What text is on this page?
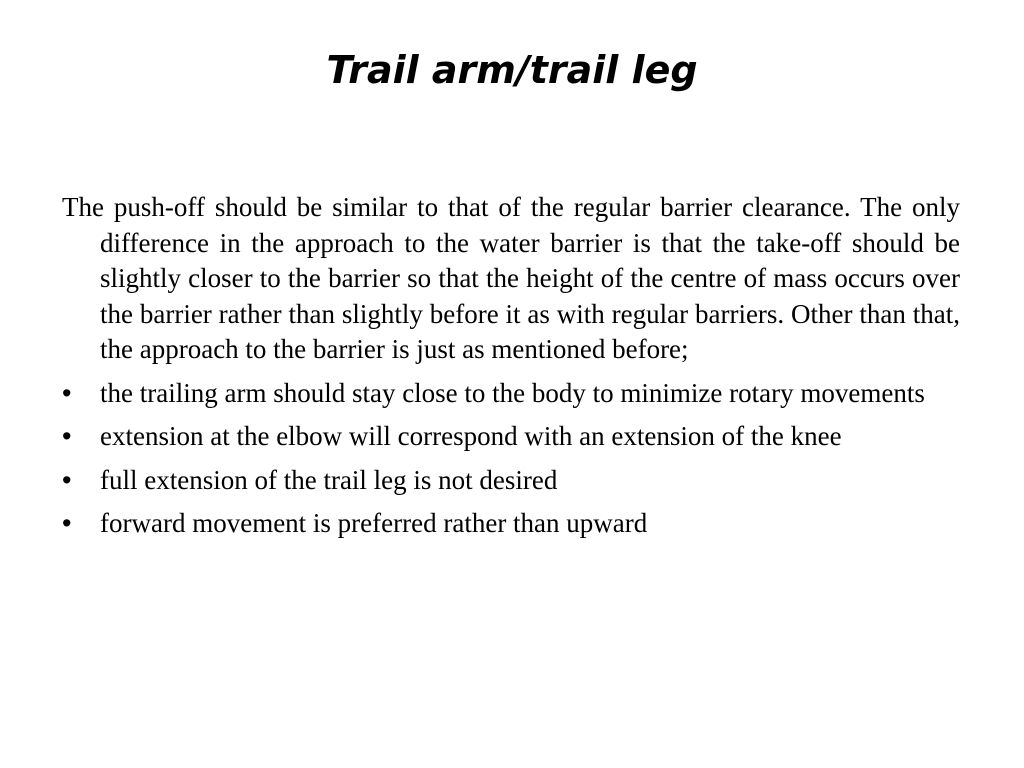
Trail arm/trail leg

The push-off should be similar to that of the regular barrier clearance. The only difference in the approach to the water barrier is that the take-off should be slightly closer to the barrier so that the height of the centre of mass occurs over the barrier rather than slightly before it as with regular barriers. Other than that, the approach to the barrier is just as mentioned before;

• the trailing arm should stay close to the body to minimize rotary movements
• extension at the elbow will correspond with an extension of the knee
• full extension of the trail leg is not desired
• forward movement is preferred rather than upward
